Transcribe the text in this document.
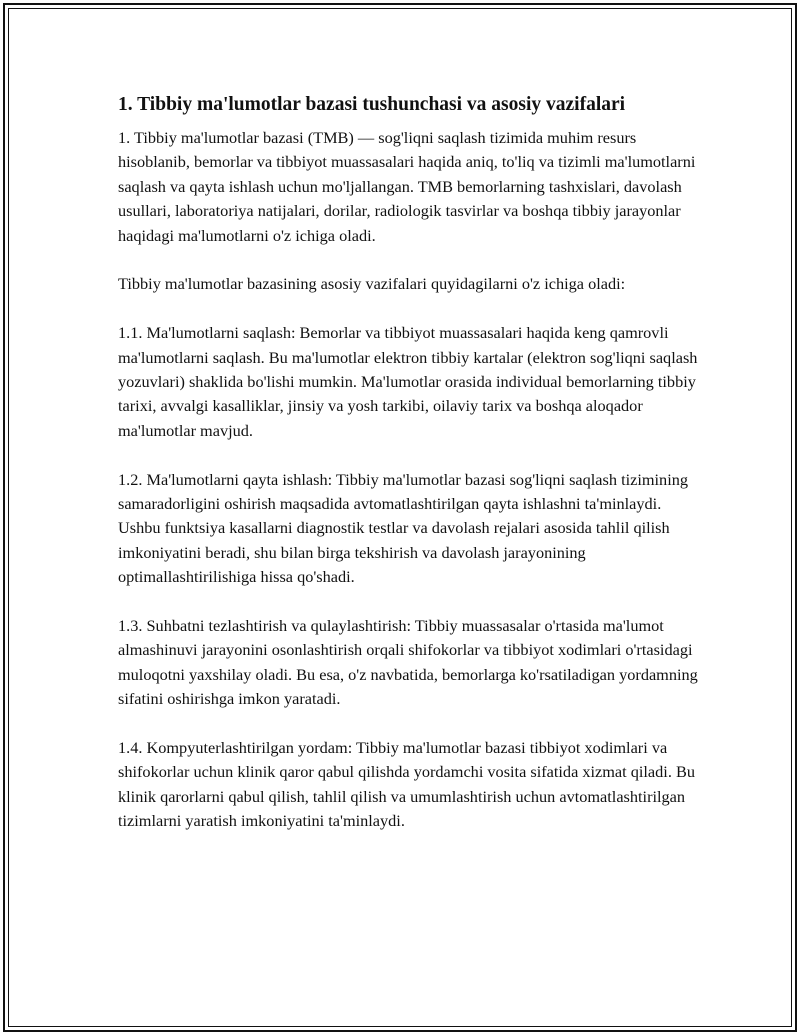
1. Tibbiy ma'lumotlar bazasi tushunchasi va asosiy vazifalari

1. Tibbiy ma'lumotlar bazasi (TMB) — sog'liqni saqlash tizimida muhim resurs hisoblanib, bemorlar va tibbiyot muassasalari haqida aniq, to'liq va tizimli ma'lumotlarni saqlash va qayta ishlash uchun mo'ljallangan. TMB bemorlarning tashxislari, davolash usullari, laboratoriya natijalari, dorilar, radiologik tasvirlar va boshqa tibbiy jarayonlar haqidagi ma'lumotlarni o'z ichiga oladi.

Tibbiy ma'lumotlar bazasining asosiy vazifalari quyidagilarni o'z ichiga oladi:

1.1. Ma'lumotlarni saqlash: Bemorlar va tibbiyot muassasalari haqida keng qamrovli ma'lumotlarni saqlash. Bu ma'lumotlar elektron tibbiy kartalar (elektron sog'liqni saqlash yozuvlari) shaklida bo'lishi mumkin. Ma'lumotlar orasida individual bemorlarning tibbiy tarixi, avvalgi kasalliklar, jinsiy va yosh tarkibi, oilaviy tarix va boshqa aloqador ma'lumotlar mavjud.

1.2. Ma'lumotlarni qayta ishlash: Tibbiy ma'lumotlar bazasi sog'liqni saqlash tizimining samaradorligini oshirish maqsadida avtomatlashtirilgan qayta ishlashni ta'minlaydi. Ushbu funktsiya kasallarni diagnostik testlar va davolash rejalari asosida tahlil qilish imkoniyatini beradi, shu bilan birga tekshirish va davolash jarayonining optimallashtirilishiga hissa qo'shadi.

1.3. Suhbatni tezlashtirish va qulaylashtirish: Tibbiy muassasalar o'rtasida ma'lumot almashinuvi jarayonini osonlashtirish orqali shifokorlar va tibbiyot xodimlari o'rtasidagi muloqotni yaxshilay oladi. Bu esa, o'z navbatida, bemorlarga ko'rsatiladigan yordamning sifatini oshirishga imkon yaratadi.

1.4. Kompyuterlashtirilgan yordam: Tibbiy ma'lumotlar bazasi tibbiyot xodimlari va shifokorlar uchun klinik qaror qabul qilishda yordamchi vosita sifatida xizmat qiladi. Bu klinik qarorlarni qabul qilish, tahlil qilish va umumlashtirish uchun avtomatlashtirilgan tizimlarni yaratish imkoniyatini ta'minlaydi.
